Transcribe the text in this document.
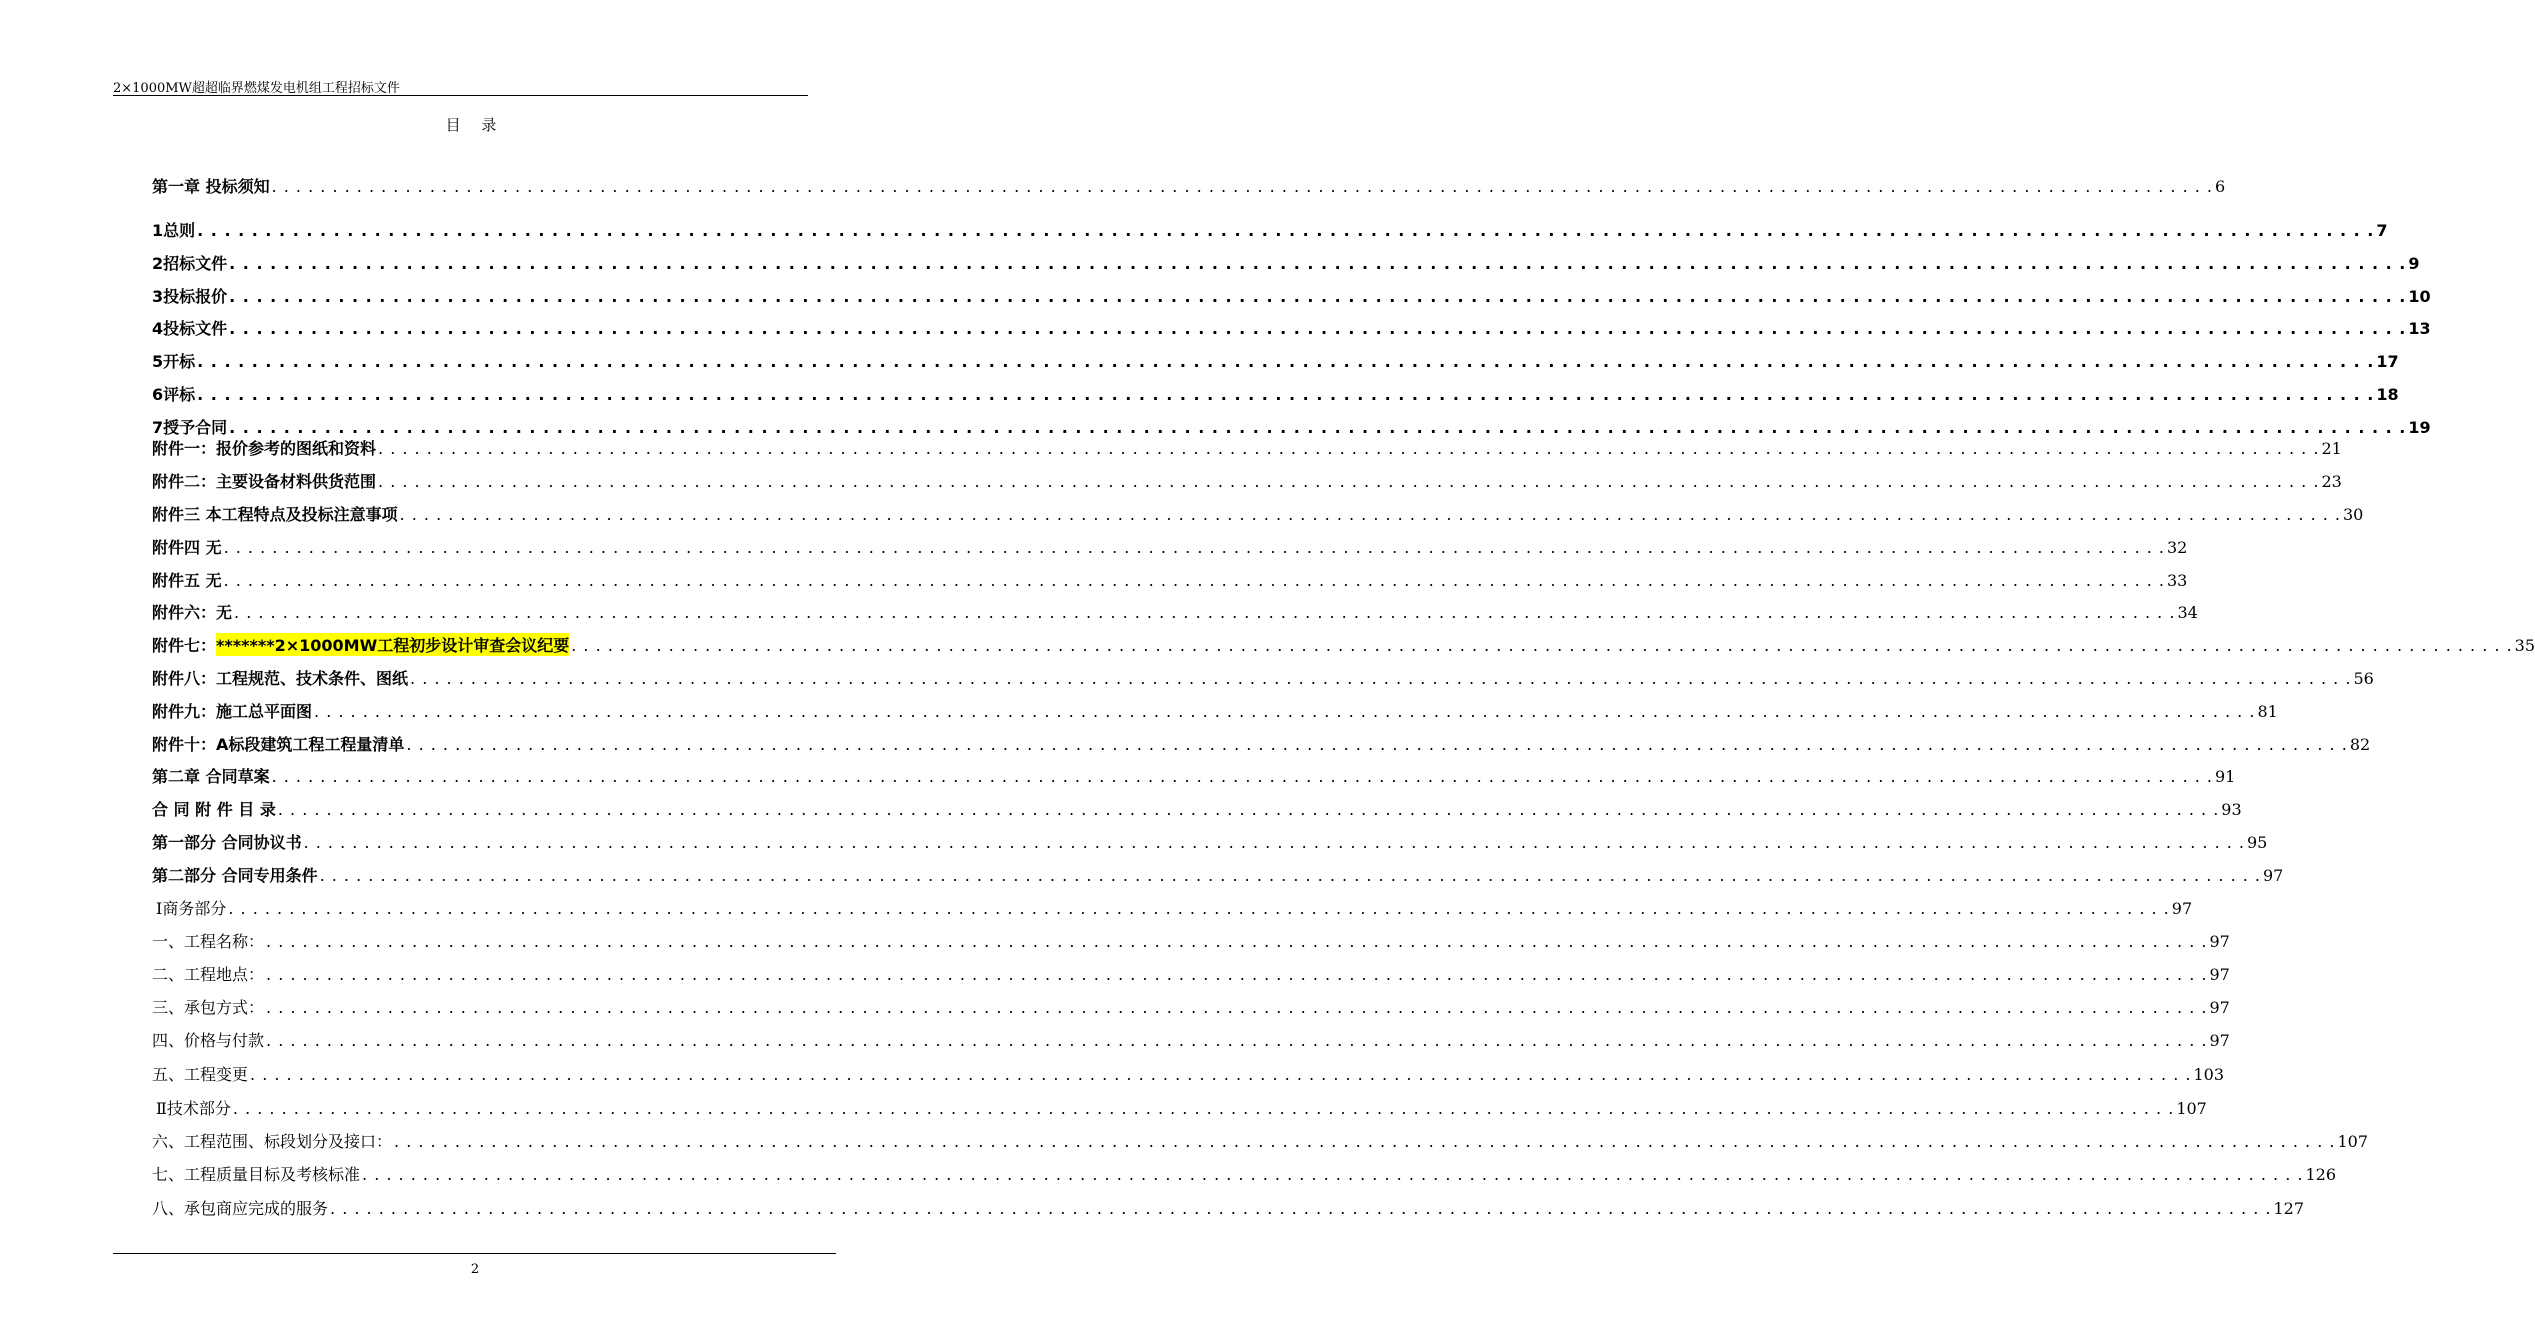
2×1000MW超超临界燃煤发电机组工程招标文件
目 录
第一章 投标须知 . . . . . . . . . . . . . . . . . . . . . . . . . . . . . . . . . . . . . . . . . . . . . . . . . . . . . . . . . . . . . . . . . . . . . . . . . . . . . . . . . . . . . . . . . . . . . . . . . . . . . . . . . . . . . . . . . . . . . . . . . . . . . . . . . . . . . . . . . . . . . . . . . . . . . . . . . . . . . . . . 6
1 总则 . . . . . . . . . . . . . . . . . . . . . . . . . . . . . . . . . . . . . . . . . . . . . . . . . . . . . . . . . . . . . . . . . . . . . . . . . . . . . . . . . . . . . . . . . . . . . . . . . . . . . . . . . . . . . . . . . . . . . . . . . . . . . . . . . . . . . . . . . . . . . . . . . . . . . . . . . . . . . . . . 7
2 招标文件 . . . . . . . . . . . . . . . . . . . . . . . . . . . . . . . . . . . . . . . . . . . . . . . . . . . . . . . . . . . . . . . . . . . . . . . . . . . . . . . . . . . . . . . . . . . . . . . . . . . . . . . . . . . . . . . . . . . . . . . . . . . . . . . . . . . . . . . . . . . . . . . . . . . . . . . . . . . . . . . . 9
3 投标报价 . . . . . . . . . . . . . . . . . . . . . . . . . . . . . . . . . . . . . . . . . . . . . . . . . . . . . . . . . . . . . . . . . . . . . . . . . . . . . . . . . . . . . . . . . . . . . . . . . . . . . . . . . . . . . . . . . . . . . . . . . . . . . . . . . . . . . . . . . . . . . . . . . . . . . . . . . . . . . . . . 10
4 投标文件 . . . . . . . . . . . . . . . . . . . . . . . . . . . . . . . . . . . . . . . . . . . . . . . . . . . . . . . . . . . . . . . . . . . . . . . . . . . . . . . . . . . . . . . . . . . . . . . . . . . . . . . . . . . . . . . . . . . . . . . . . . . . . . . . . . . . . . . . . . . . . . . . . . . . . . . . . . . . . . . . 13
5 开标 . . . . . . . . . . . . . . . . . . . . . . . . . . . . . . . . . . . . . . . . . . . . . . . . . . . . . . . . . . . . . . . . . . . . . . . . . . . . . . . . . . . . . . . . . . . . . . . . . . . . . . . . . . . . . . . . . . . . . . . . . . . . . . . . . . . . . . . . . . . . . . . . . . . . . . . . . . . . . . . . 17
6 评标 . . . . . . . . . . . . . . . . . . . . . . . . . . . . . . . . . . . . . . . . . . . . . . . . . . . . . . . . . . . . . . . . . . . . . . . . . . . . . . . . . . . . . . . . . . . . . . . . . . . . . . . . . . . . . . . . . . . . . . . . . . . . . . . . . . . . . . . . . . . . . . . . . . . . . . . . . . . . . . . . 18
7 授予合同 . . . . . . . . . . . . . . . . . . . . . . . . . . . . . . . . . . . . . . . . . . . . . . . . . . . . . . . . . . . . . . . . . . . . . . . . . . . . . . . . . . . . . . . . . . . . . . . . . . . . . . . . . . . . . . . . . . . . . . . . . . . . . . . . . . . . . . . . . . . . . . . . . . . . . . . . . . . . . . . . 19
附件一：报价参考的图纸和资料 . . . . . . . . . . . . . . . . . . . . . . . . . . . . . . . . . . . . . . . . . . . . . . . . . . . . . . . . . . . . . . . . . . . . . . . . . . . . . . . . . . . . . . . . . . . . . . . . . . . . . . . . . . . . . . . . . . . . . . . . . . . . . . . . . . . . . . . . . . . . . . . . . . . . . . . . . . . . . . . . 21
附件二：主要设备材料供货范围 . . . . . . . . . . . . . . . . . . . . . . . . . . . . . . . . . . . . . . . . . . . . . . . . . . . . . . . . . . . . . . . . . . . . . . . . . . . . . . . . . . . . . . . . . . . . . . . . . . . . . . . . . . . . . . . . . . . . . . . . . . . . . . . . . . . . . . . . . . . . . . . . . . . . . . . . . . . . . . . . 23
附件三 本工程特点及投标注意事项 . . . . . . . . . . . . . . . . . . . . . . . . . . . . . . . . . . . . . . . . . . . . . . . . . . . . . . . . . . . . . . . . . . . . . . . . . . . . . . . . . . . . . . . . . . . . . . . . . . . . . . . . . . . . . . . . . . . . . . . . . . . . . . . . . . . . . . . . . . . . . . . . . . . . . . . . . . . . . . . . 30
附件四 无 . . . . . . . . . . . . . . . . . . . . . . . . . . . . . . . . . . . . . . . . . . . . . . . . . . . . . . . . . . . . . . . . . . . . . . . . . . . . . . . . . . . . . . . . . . . . . . . . . . . . . . . . . . . . . . . . . . . . . . . . . . . . . . . . . . . . . . . . . . . . . . . . . . . . . . . . . . . . . . . . 32
附件五 无 . . . . . . . . . . . . . . . . . . . . . . . . . . . . . . . . . . . . . . . . . . . . . . . . . . . . . . . . . . . . . . . . . . . . . . . . . . . . . . . . . . . . . . . . . . . . . . . . . . . . . . . . . . . . . . . . . . . . . . . . . . . . . . . . . . . . . . . . . . . . . . . . . . . . . . . . . . . . . . . . 33
附件六：无 . . . . . . . . . . . . . . . . . . . . . . . . . . . . . . . . . . . . . . . . . . . . . . . . . . . . . . . . . . . . . . . . . . . . . . . . . . . . . . . . . . . . . . . . . . . . . . . . . . . . . . . . . . . . . . . . . . . . . . . . . . . . . . . . . . . . . . . . . . . . . . . . . . . . . . . . . . . . . . . . 34
附件七： *******2×1000MW工程初步设计审查会议纪要 . . . . . . . . . . . . . . . . . . . . . . . . . . . . . . . . . . . . . . . . . . . . . . . . . . . . . . . . . . . . . . . . . . . . . . . . . . . . . . . . . . . . . . . . . . . . . . . . . . . . . . . . . . . . . . . . . . . . . . . . . . . . . . . . . . . . . . . . . . . . . . . . . . . . . . . . . . . . . . . . 35
附件八：工程规范、技术条件、图纸 . . . . . . . . . . . . . . . . . . . . . . . . . . . . . . . . . . . . . . . . . . . . . . . . . . . . . . . . . . . . . . . . . . . . . . . . . . . . . . . . . . . . . . . . . . . . . . . . . . . . . . . . . . . . . . . . . . . . . . . . . . . . . . . . . . . . . . . . . . . . . . . . . . . . . . . . . . . . . . . . 56
附件九：施工总平面图 . . . . . . . . . . . . . . . . . . . . . . . . . . . . . . . . . . . . . . . . . . . . . . . . . . . . . . . . . . . . . . . . . . . . . . . . . . . . . . . . . . . . . . . . . . . . . . . . . . . . . . . . . . . . . . . . . . . . . . . . . . . . . . . . . . . . . . . . . . . . . . . . . . . . . . . . . . . . . . . . 81
附件十：A标段建筑工程工程量清单 . . . . . . . . . . . . . . . . . . . . . . . . . . . . . . . . . . . . . . . . . . . . . . . . . . . . . . . . . . . . . . . . . . . . . . . . . . . . . . . . . . . . . . . . . . . . . . . . . . . . . . . . . . . . . . . . . . . . . . . . . . . . . . . . . . . . . . . . . . . . . . . . . . . . . . . . . . . . . . . . 82
第二章 合同草案 . . . . . . . . . . . . . . . . . . . . . . . . . . . . . . . . . . . . . . . . . . . . . . . . . . . . . . . . . . . . . . . . . . . . . . . . . . . . . . . . . . . . . . . . . . . . . . . . . . . . . . . . . . . . . . . . . . . . . . . . . . . . . . . . . . . . . . . . . . . . . . . . . . . . . . . . . . . . . . . . 91
合 同 附 件 目 录 . . . . . . . . . . . . . . . . . . . . . . . . . . . . . . . . . . . . . . . . . . . . . . . . . . . . . . . . . . . . . . . . . . . . . . . . . . . . . . . . . . . . . . . . . . . . . . . . . . . . . . . . . . . . . . . . . . . . . . . . . . . . . . . . . . . . . . . . . . . . . . . . . . . . . . . . . . . . . . . . 93
第一部分 合同协议书 . . . . . . . . . . . . . . . . . . . . . . . . . . . . . . . . . . . . . . . . . . . . . . . . . . . . . . . . . . . . . . . . . . . . . . . . . . . . . . . . . . . . . . . . . . . . . . . . . . . . . . . . . . . . . . . . . . . . . . . . . . . . . . . . . . . . . . . . . . . . . . . . . . . . . . . . . . . . . . . . 95
第二部分 合同专用条件 . . . . . . . . . . . . . . . . . . . . . . . . . . . . . . . . . . . . . . . . . . . . . . . . . . . . . . . . . . . . . . . . . . . . . . . . . . . . . . . . . . . . . . . . . . . . . . . . . . . . . . . . . . . . . . . . . . . . . . . . . . . . . . . . . . . . . . . . . . . . . . . . . . . . . . . . . . . . . . . . 97
Ⅰ 商务部分 . . . . . . . . . . . . . . . . . . . . . . . . . . . . . . . . . . . . . . . . . . . . . . . . . . . . . . . . . . . . . . . . . . . . . . . . . . . . . . . . . . . . . . . . . . . . . . . . . . . . . . . . . . . . . . . . . . . . . . . . . . . . . . . . . . . . . . . . . . . . . . . . . . . . . . . . . . . . . . . . 97
一、 工程名称： . . . . . . . . . . . . . . . . . . . . . . . . . . . . . . . . . . . . . . . . . . . . . . . . . . . . . . . . . . . . . . . . . . . . . . . . . . . . . . . . . . . . . . . . . . . . . . . . . . . . . . . . . . . . . . . . . . . . . . . . . . . . . . . . . . . . . . . . . . . . . . . . . . . . . . . . . . . . . . . . 97
二、 工程地点： . . . . . . . . . . . . . . . . . . . . . . . . . . . . . . . . . . . . . . . . . . . . . . . . . . . . . . . . . . . . . . . . . . . . . . . . . . . . . . . . . . . . . . . . . . . . . . . . . . . . . . . . . . . . . . . . . . . . . . . . . . . . . . . . . . . . . . . . . . . . . . . . . . . . . . . . . . . . . . . . 97
三、 承包方式： . . . . . . . . . . . . . . . . . . . . . . . . . . . . . . . . . . . . . . . . . . . . . . . . . . . . . . . . . . . . . . . . . . . . . . . . . . . . . . . . . . . . . . . . . . . . . . . . . . . . . . . . . . . . . . . . . . . . . . . . . . . . . . . . . . . . . . . . . . . . . . . . . . . . . . . . . . . . . . . . 97
四、 价格与付款 . . . . . . . . . . . . . . . . . . . . . . . . . . . . . . . . . . . . . . . . . . . . . . . . . . . . . . . . . . . . . . . . . . . . . . . . . . . . . . . . . . . . . . . . . . . . . . . . . . . . . . . . . . . . . . . . . . . . . . . . . . . . . . . . . . . . . . . . . . . . . . . . . . . . . . . . . . . . . . . . 97
五、 工程变更 . . . . . . . . . . . . . . . . . . . . . . . . . . . . . . . . . . . . . . . . . . . . . . . . . . . . . . . . . . . . . . . . . . . . . . . . . . . . . . . . . . . . . . . . . . . . . . . . . . . . . . . . . . . . . . . . . . . . . . . . . . . . . . . . . . . . . . . . . . . . . . . . . . . . . . . . . . . . . . . . 103
Ⅱ 技术部分 . . . . . . . . . . . . . . . . . . . . . . . . . . . . . . . . . . . . . . . . . . . . . . . . . . . . . . . . . . . . . . . . . . . . . . . . . . . . . . . . . . . . . . . . . . . . . . . . . . . . . . . . . . . . . . . . . . . . . . . . . . . . . . . . . . . . . . . . . . . . . . . . . . . . . . . . . . . . . . . . 107
六、 工程范围、标段划分及接口： . . . . . . . . . . . . . . . . . . . . . . . . . . . . . . . . . . . . . . . . . . . . . . . . . . . . . . . . . . . . . . . . . . . . . . . . . . . . . . . . . . . . . . . . . . . . . . . . . . . . . . . . . . . . . . . . . . . . . . . . . . . . . . . . . . . . . . . . . . . . . . . . . . . . . . . . . . . . . . . . 107
七、 工程质量目标及考核标准 . . . . . . . . . . . . . . . . . . . . . . . . . . . . . . . . . . . . . . . . . . . . . . . . . . . . . . . . . . . . . . . . . . . . . . . . . . . . . . . . . . . . . . . . . . . . . . . . . . . . . . . . . . . . . . . . . . . . . . . . . . . . . . . . . . . . . . . . . . . . . . . . . . . . . . . . . . . . . . . . 126
八、 承包商应完成的服务 . . . . . . . . . . . . . . . . . . . . . . . . . . . . . . . . . . . . . . . . . . . . . . . . . . . . . . . . . . . . . . . . . . . . . . . . . . . . . . . . . . . . . . . . . . . . . . . . . . . . . . . . . . . . . . . . . . . . . . . . . . . . . . . . . . . . . . . . . . . . . . . . . . . . . . . . . . . . . . . . 127
2
